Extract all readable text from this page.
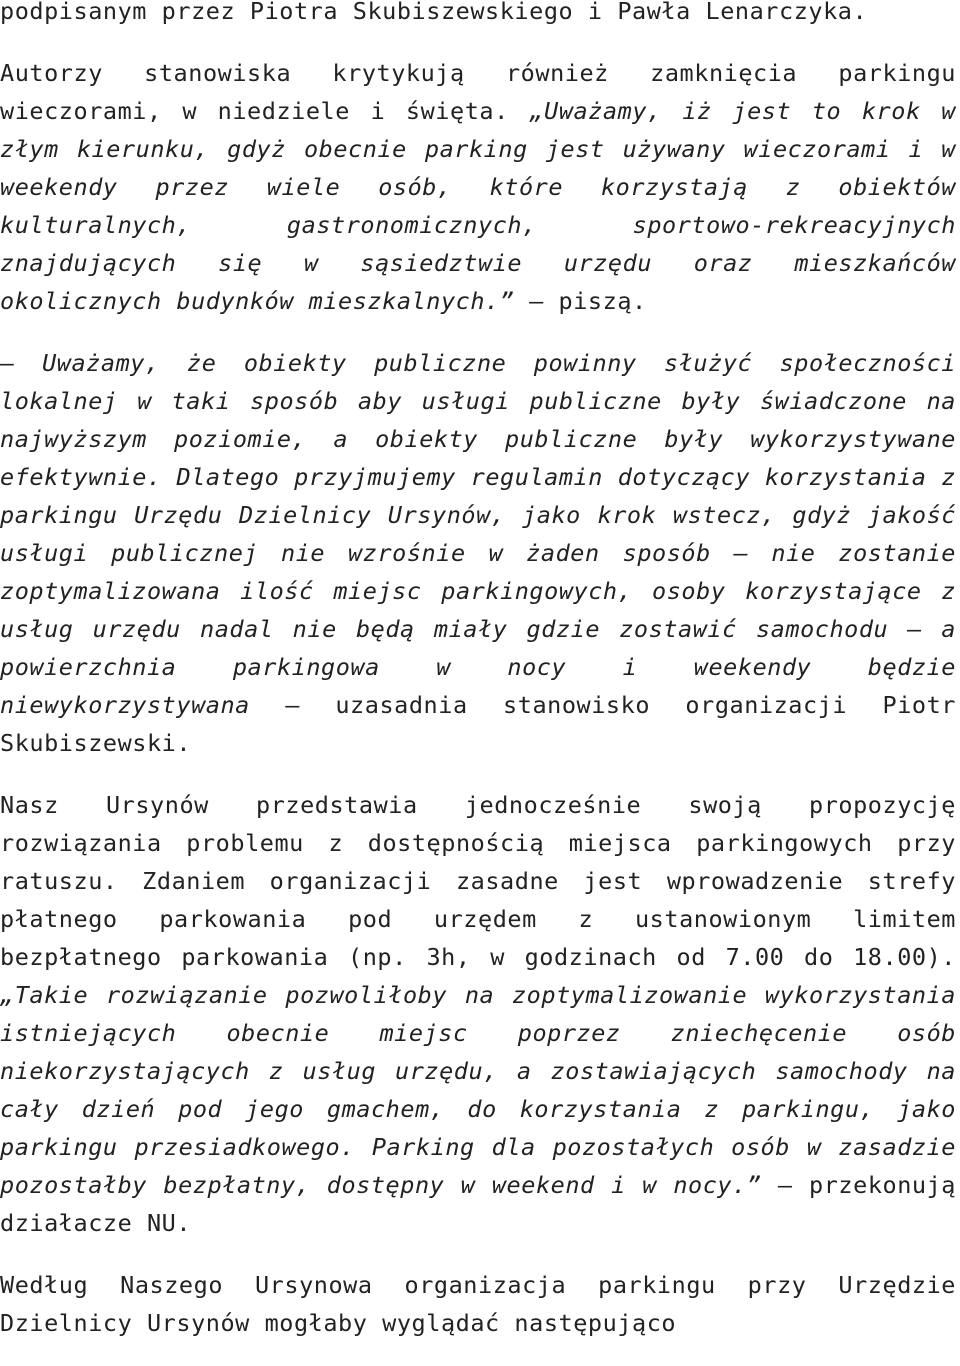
podpisanym przez Piotra Skubiszewskiego i Pawła Lenarczyka.

Autorzy stanowiska krytykują również zamknięcia parkingu wieczorami, w niedziele i święta. „Uważamy, iż jest to krok w złym kierunku, gdyż obecnie parking jest używany wieczorami i w weekendy przez wiele osób, które korzystają z obiektów kulturalnych, gastronomicznych, sportowo-rekreacyjnych znajdujących się w sąsiedztwie urzędu oraz mieszkańców okolicznych budynków mieszkalnych.” – piszą.

– Uważamy, że obiekty publiczne powinny służyć społeczności lokalnej w taki sposób aby usługi publiczne były świadczone na najwyższym poziomie, a obiekty publiczne były wykorzystywane efektywnie. Dlatego przyjmujemy regulamin dotyczący korzystania z parkingu Urzędu Dzielnicy Ursynów, jako krok wstecz, gdyż jakość usługi publicznej nie wzrośnie w żaden sposób – nie zostanie zoptymalizowana ilość miejsc parkingowych, osoby korzystające z usług urzędu nadal nie będą miały gdzie zostawić samochodu – a powierzchnia parkingowa w nocy i weekendy będzie niewykorzystywana – uzasadnia stanowisko organizacji Piotr Skubiszewski.

Nasz Ursynów przedstawia jednocześnie swoją propozycję rozwiązania problemu z dostępnością miejsca parkingowych przy ratuszu. Zdaniem organizacji zasadne jest wprowadzenie strefy płatnego parkowania pod urzędem z ustanowionym limitem bezpłatnego parkowania (np. 3h, w godzinach od 7.00 do 18.00). „Takie rozwiązanie pozwoliłoby na zoptymalizowanie wykorzystania istniejących obecnie miejsc poprzez zniechęcenie osób niekorzystających z usług urzędu, a zostawiających samochody na cały dzień pod jego gmachem, do korzystania z parkingu, jako parkingu przesiadkowego. Parking dla pozostałych osób w zasadzie pozostałby bezpłatny, dostępny w weekend i w nocy.” – przekonują działacze NU.

Według Naszego Ursynowa organizacja parkingu przy Urzędzie Dzielnicy Ursynów mogłaby wyglądać następująco
